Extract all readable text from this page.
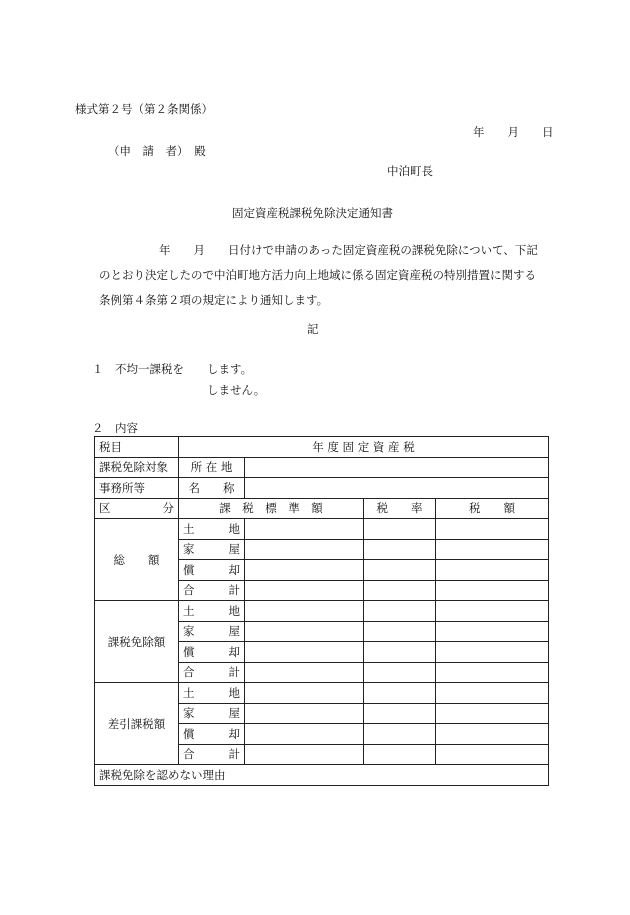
様式第２号（第２条関係）
年　　月　　日
（申　請　者）　殿
中泊町長
固定資産税課税免除決定通知書
年　　月　　日付けで申請のあった固定資産税の課税免除について、下記
のとおり決定したので中泊町地方活力向上地域に係る固定資産税の特別措置に関する
条例第４条第２項の規定により通知します。
記
１　不均一課税を します。
しません。
２　内容
税目	年 度 固 定 資 産 税			
課税免除対象	所 在 地			
事務所等	名　　称			
区　　分	課　税　標　準　額		税　　率	税　　額
総　　額	土　　地			
	家　　屋			
	償　　却			
	合　　計			
課税免除額	土　　地			
	家　　屋			
	償　　却			
	合　　計			
差引課税額	土　　地			
	家　　屋			
	償　　却			
	合　　計			
課税免除を認めない理由				
